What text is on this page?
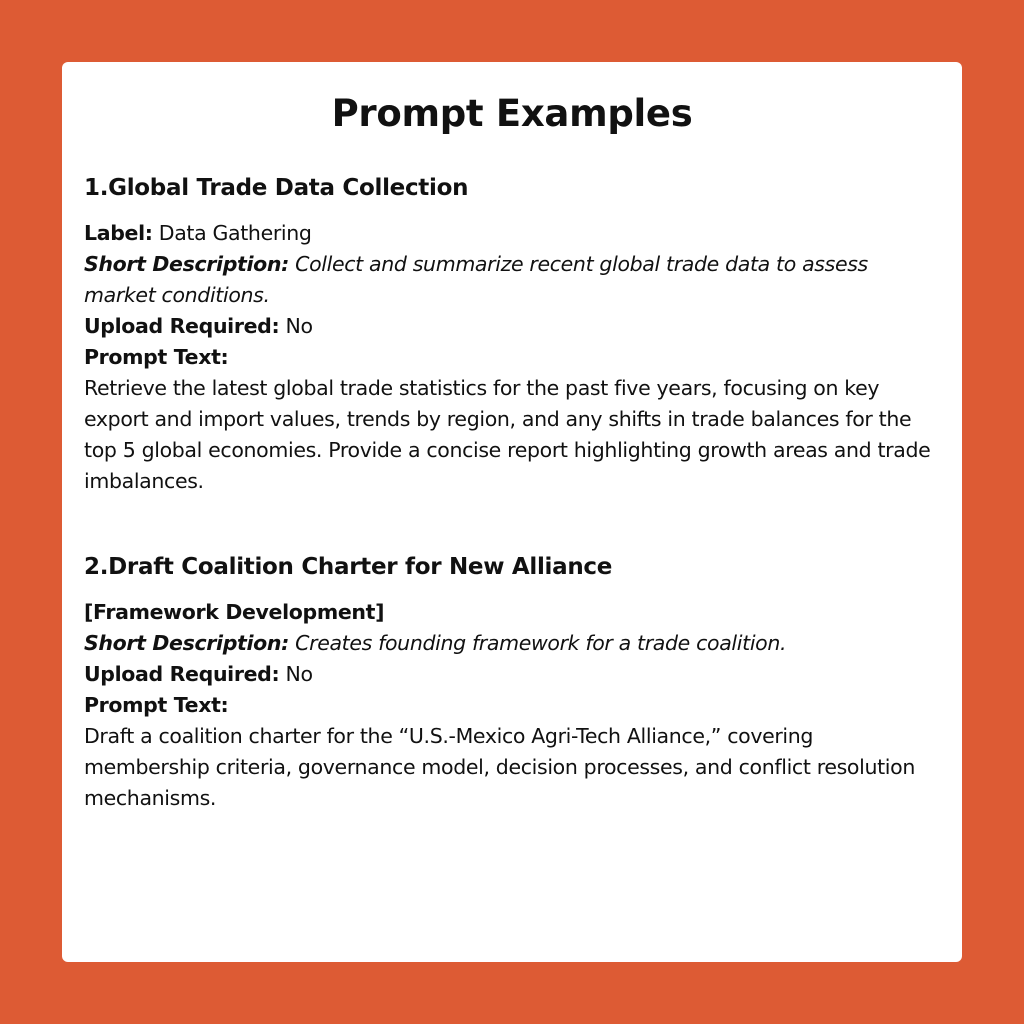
Prompt Examples
1.Global Trade Data Collection
Label: Data Gathering
Short Description: Collect and summarize recent global trade data to assess market conditions.
Upload Required: No
Prompt Text:
Retrieve the latest global trade statistics for the past five years, focusing on key export and import values, trends by region, and any shifts in trade balances for the top 5 global economies. Provide a concise report highlighting growth areas and trade imbalances.
2.Draft Coalition Charter for New Alliance
[Framework Development]
Short Description: Creates founding framework for a trade coalition.
Upload Required: No
Prompt Text:
Draft a coalition charter for the “U.S.-Mexico Agri-Tech Alliance,” covering membership criteria, governance model, decision processes, and conflict resolution mechanisms.
